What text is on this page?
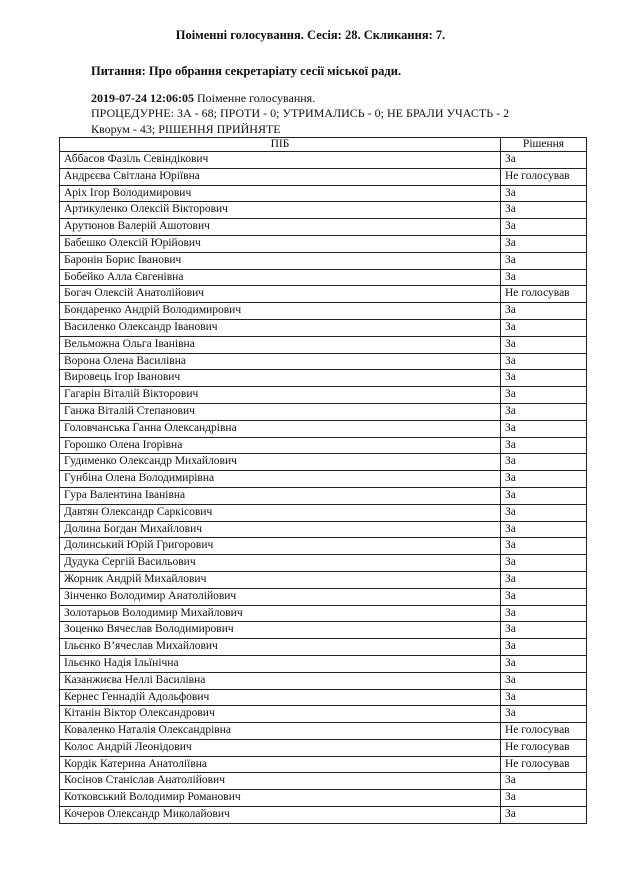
Поіменні голосування. Сесія: 28. Скликання: 7.
Питання: Про обрання секретаріату сесії міської ради.
2019-07-24 12:06:05 Поіменне голосування.
ПРОЦЕДУРНЕ: ЗА - 68; ПРОТИ - 0; УТРИМАЛИСЬ - 0; НЕ БРАЛИ УЧАСТЬ - 2
Кворум - 43; РІШЕННЯ ПРИЙНЯТЕ
ПІБ	Рішення
Аббасов Фазіль Севіндікович	За
Андрєєва Світлана Юріївна	Не голосував
Аріх Ігор Володимирович	За
Артикуленко Олексій Вікторович	За
Арутюнов Валерій Ашотович	За
Бабешко Олексій Юрійович	За
Баронін Борис Іванович	За
Бобейко Алла Євгенівна	За
Богач Олексій Анатолійович	Не голосував
Бондаренко Андрій Володимирович	За
Василенко Олександр Іванович	За
Вельможна Ольга Іванівна	За
Ворона Олена Василівна	За
Вировець Ігор Іванович	За
Гагарін Віталій Вікторович	За
Ганжа Віталій Степанович	За
Головчанська Ганна Олександрівна	За
Горошко Олена Ігорівна	За
Гудименко Олександр Михайлович	За
Гунбіна Олена Володимирівна	За
Гура Валентина Іванівна	За
Давтян Олександр Саркісович	За
Долина Богдан Михайлович	За
Долинський Юрій Григорович	За
Дудука Сергій Васильович	За
Жорник Андрій Михайлович	За
Зінченко Володимир Анатолійович	За
Золотарьов Володимир Михайлович	За
Зоценко Вячеслав Володимирович	За
Ільєнко В’ячеслав Михайлович	За
Ільєнко Надія Ільїнічна	За
Казанжиєва Неллі Василівна	За
Кернес Геннадій Адольфович	За
Кітанін Віктор Олександрович	За
Коваленко Наталія Олександрівна	Не голосував
Колос Андрій Леонідович	Не голосував
Кордік Катерина Анатоліївна	Не голосував
Косінов Станіслав Анатолійович	За
Котковський Володимир Романович	За
Кочеров Олександр Миколайович	За
